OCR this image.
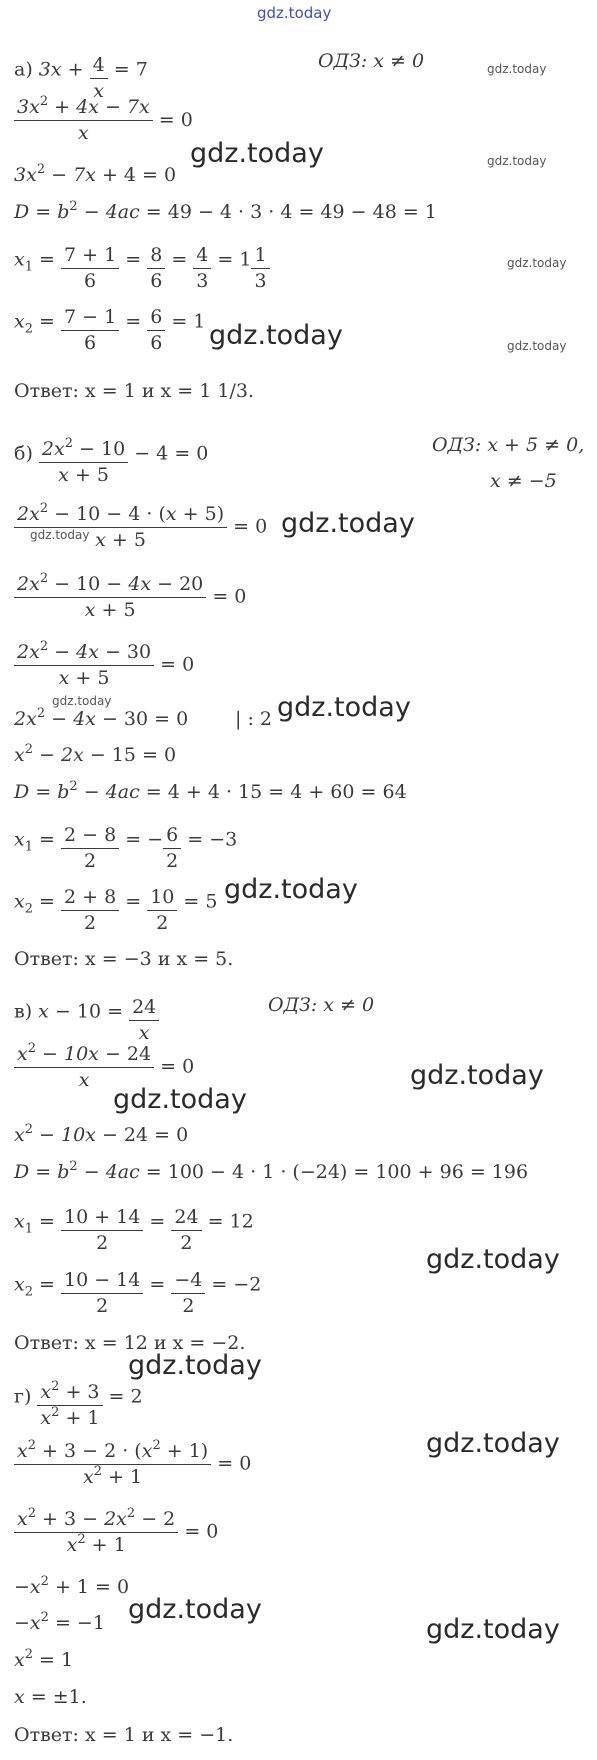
gdz.today
а) $3x + \frac{4}{x} = 7$	ОДЗ: x ≠ 0
$\frac{3x^2 + 4x - 7x}{x} = 0$
$3x^2 - 7x + 4 = 0$
$D = b^2 - 4ac = 49 - 4 \cdot 3 \cdot 4 = 49 - 48 = 1$
$x_1 = \frac{7 + 1}{6} = \frac{8}{6} = \frac{4}{3} = 1 \frac{1}{3}$
$x_2 = \frac{7 - 1}{6} = \frac{6}{6} = 1$
Ответ: x = 1 и x = 1 1/3.
$б) \frac{2x^2 - 10}{x + 5} - 4 = 0$	ОДЗ: x + 5 ≠ 0,
x ≠ −5
$\frac{2x^2 - 10 - 4 \cdot (x + 5)}{x + 5} = 0$
$\frac{2x^2 - 10 - 4x - 20}{x + 5} = 0$
$\frac{2x^2 - 4x - 30}{x + 5} = 0$
$2x^2 - 4x - 30 = 0$ | : 2
$x^2 - 2x - 15 = 0$
$D = b^2 - 4ac = 4 + 4 \cdot 15 = 4 + 60 = 64$
$x_1 = \frac{2 - 8}{2}$ = − $\frac{6}{2} = -3$
$x_2 = \frac{2 + 8}{2} = \frac{10}{2} = 5$
Ответ: x = −3 и x = 5.
в) $x - 10 = \frac{24}{x}$	ОДЗ: x ≠ 0
$\frac{x^2 - 10x - 24}{x} = 0$
$x^2 - 10x - 24 = 0$
$D = b^2 - 4ac = 100 - 4 \cdot 1 \cdot (-24) = 100 + 96 = 196$
$x_1 = \frac{10 + 14}{2} = \frac{24}{2} = 12$
$x_2 = \frac{10 - 14}{2} = \frac{-4}{2} = -2$
Ответ: x = 12 и x = −2.
$г) \frac{x^2 + 3}{x^2 + 1} = 2$
$\frac{x^2 + 3 - 2 \cdot (x^2 + 1)}{x^2 + 1} = 0$
$\frac{x^2 + 3 - 2x^2 - 2}{x^2 + 1} = 0$
$-x^2 + 1 = 0$
$-x^2 = -1$
$x^2 = 1$
x = ±1.
Ответ: x = 1 и x = −1.
gdz.today
gdz.today
gdz.today
gdz.today
gdz.today
gdz.today
gdz.today
gdz.today
gdz.today
gdz.today
gdz.today
gdz.today
gdz.today
gdz.today
gdz.today
gdz.today
gdz.today
gdz.today
